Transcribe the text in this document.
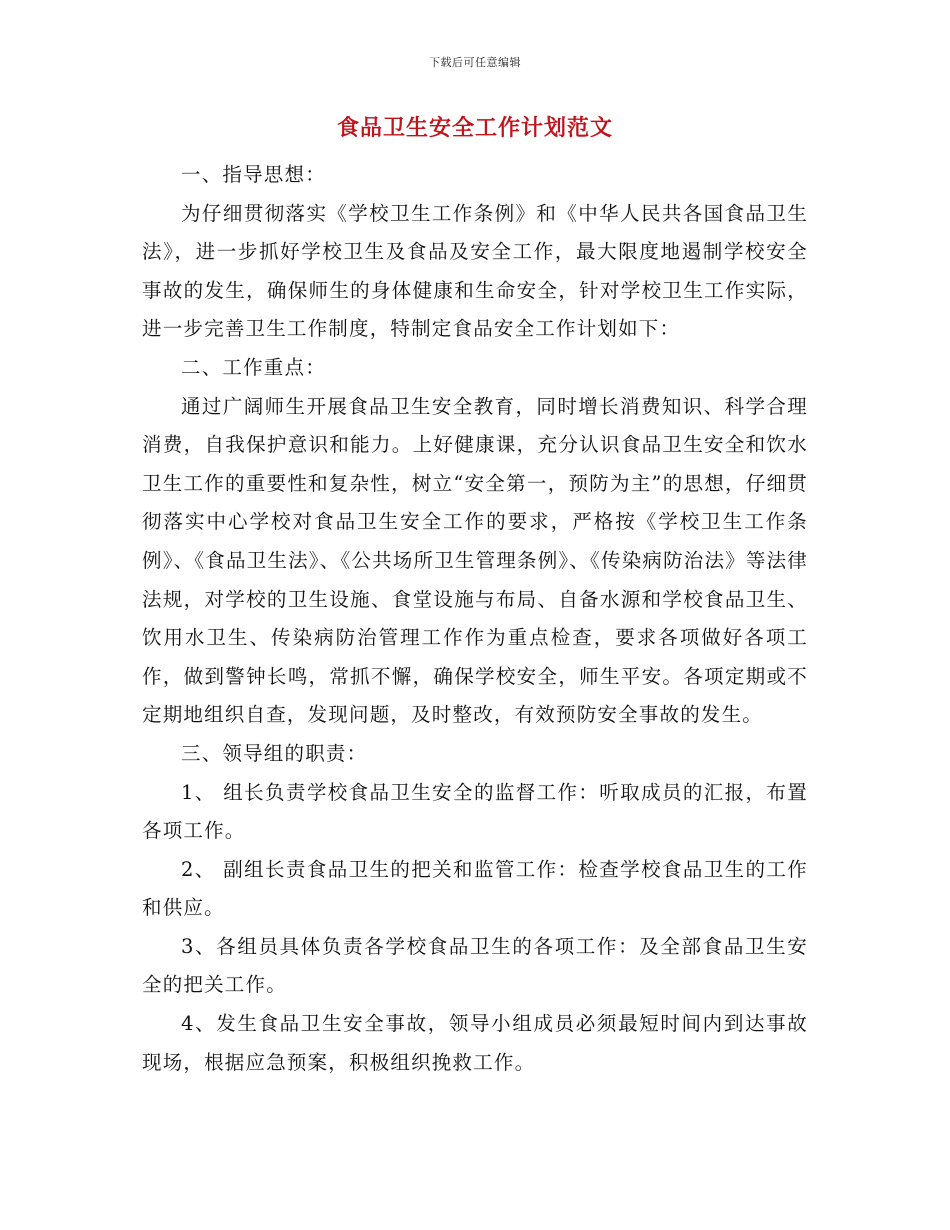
下载后可任意编辑
食品卫生安全工作计划范文

一、指导思想：

为仔细贯彻落实《学校卫生工作条例》和《中华人民共各国食品卫生法》，进一步抓好学校卫生及食品及安全工作，最大限度地遏制学校安全事故的发生，确保师生的身体健康和生命安全，针对学校卫生工作实际，进一步完善卫生工作制度，特制定食品安全工作计划如下：

二、工作重点：

通过广阔师生开展食品卫生安全教育，同时增长消费知识、科学合理消费，自我保护意识和能力。上好健康课，充分认识食品卫生安全和饮水卫生工作的重要性和复杂性，树立“安全第一，预防为主”的思想，仔细贯彻落实中心学校对食品卫生安全工作的要求，严格按《学校卫生工作条例》、《食品卫生法》、《公共场所卫生管理条例》、《传染病防治法》等法律法规，对学校的卫生设施、食堂设施与布局、自备水源和学校食品卫生、饮用水卫生、传染病防治管理工作作为重点检查，要求各项做好各项工作，做到警钟长鸣，常抓不懈，确保学校安全，师生平安。各项定期或不定期地组织自查，发现问题，及时整改，有效预防安全事故的发生。

三、领导组的职责：

1、 组长负责学校食品卫生安全的监督工作：听取成员的汇报，布置各项工作。

2、 副组长责食品卫生的把关和监管工作：检查学校食品卫生的工作和供应。

3、各组员具体负责各学校食品卫生的各项工作：及全部食品卫生安全的把关工作。

4、发生食品卫生安全事故，领导小组成员必须最短时间内到达事故现场，根据应急预案，积极组织挽救工作。
